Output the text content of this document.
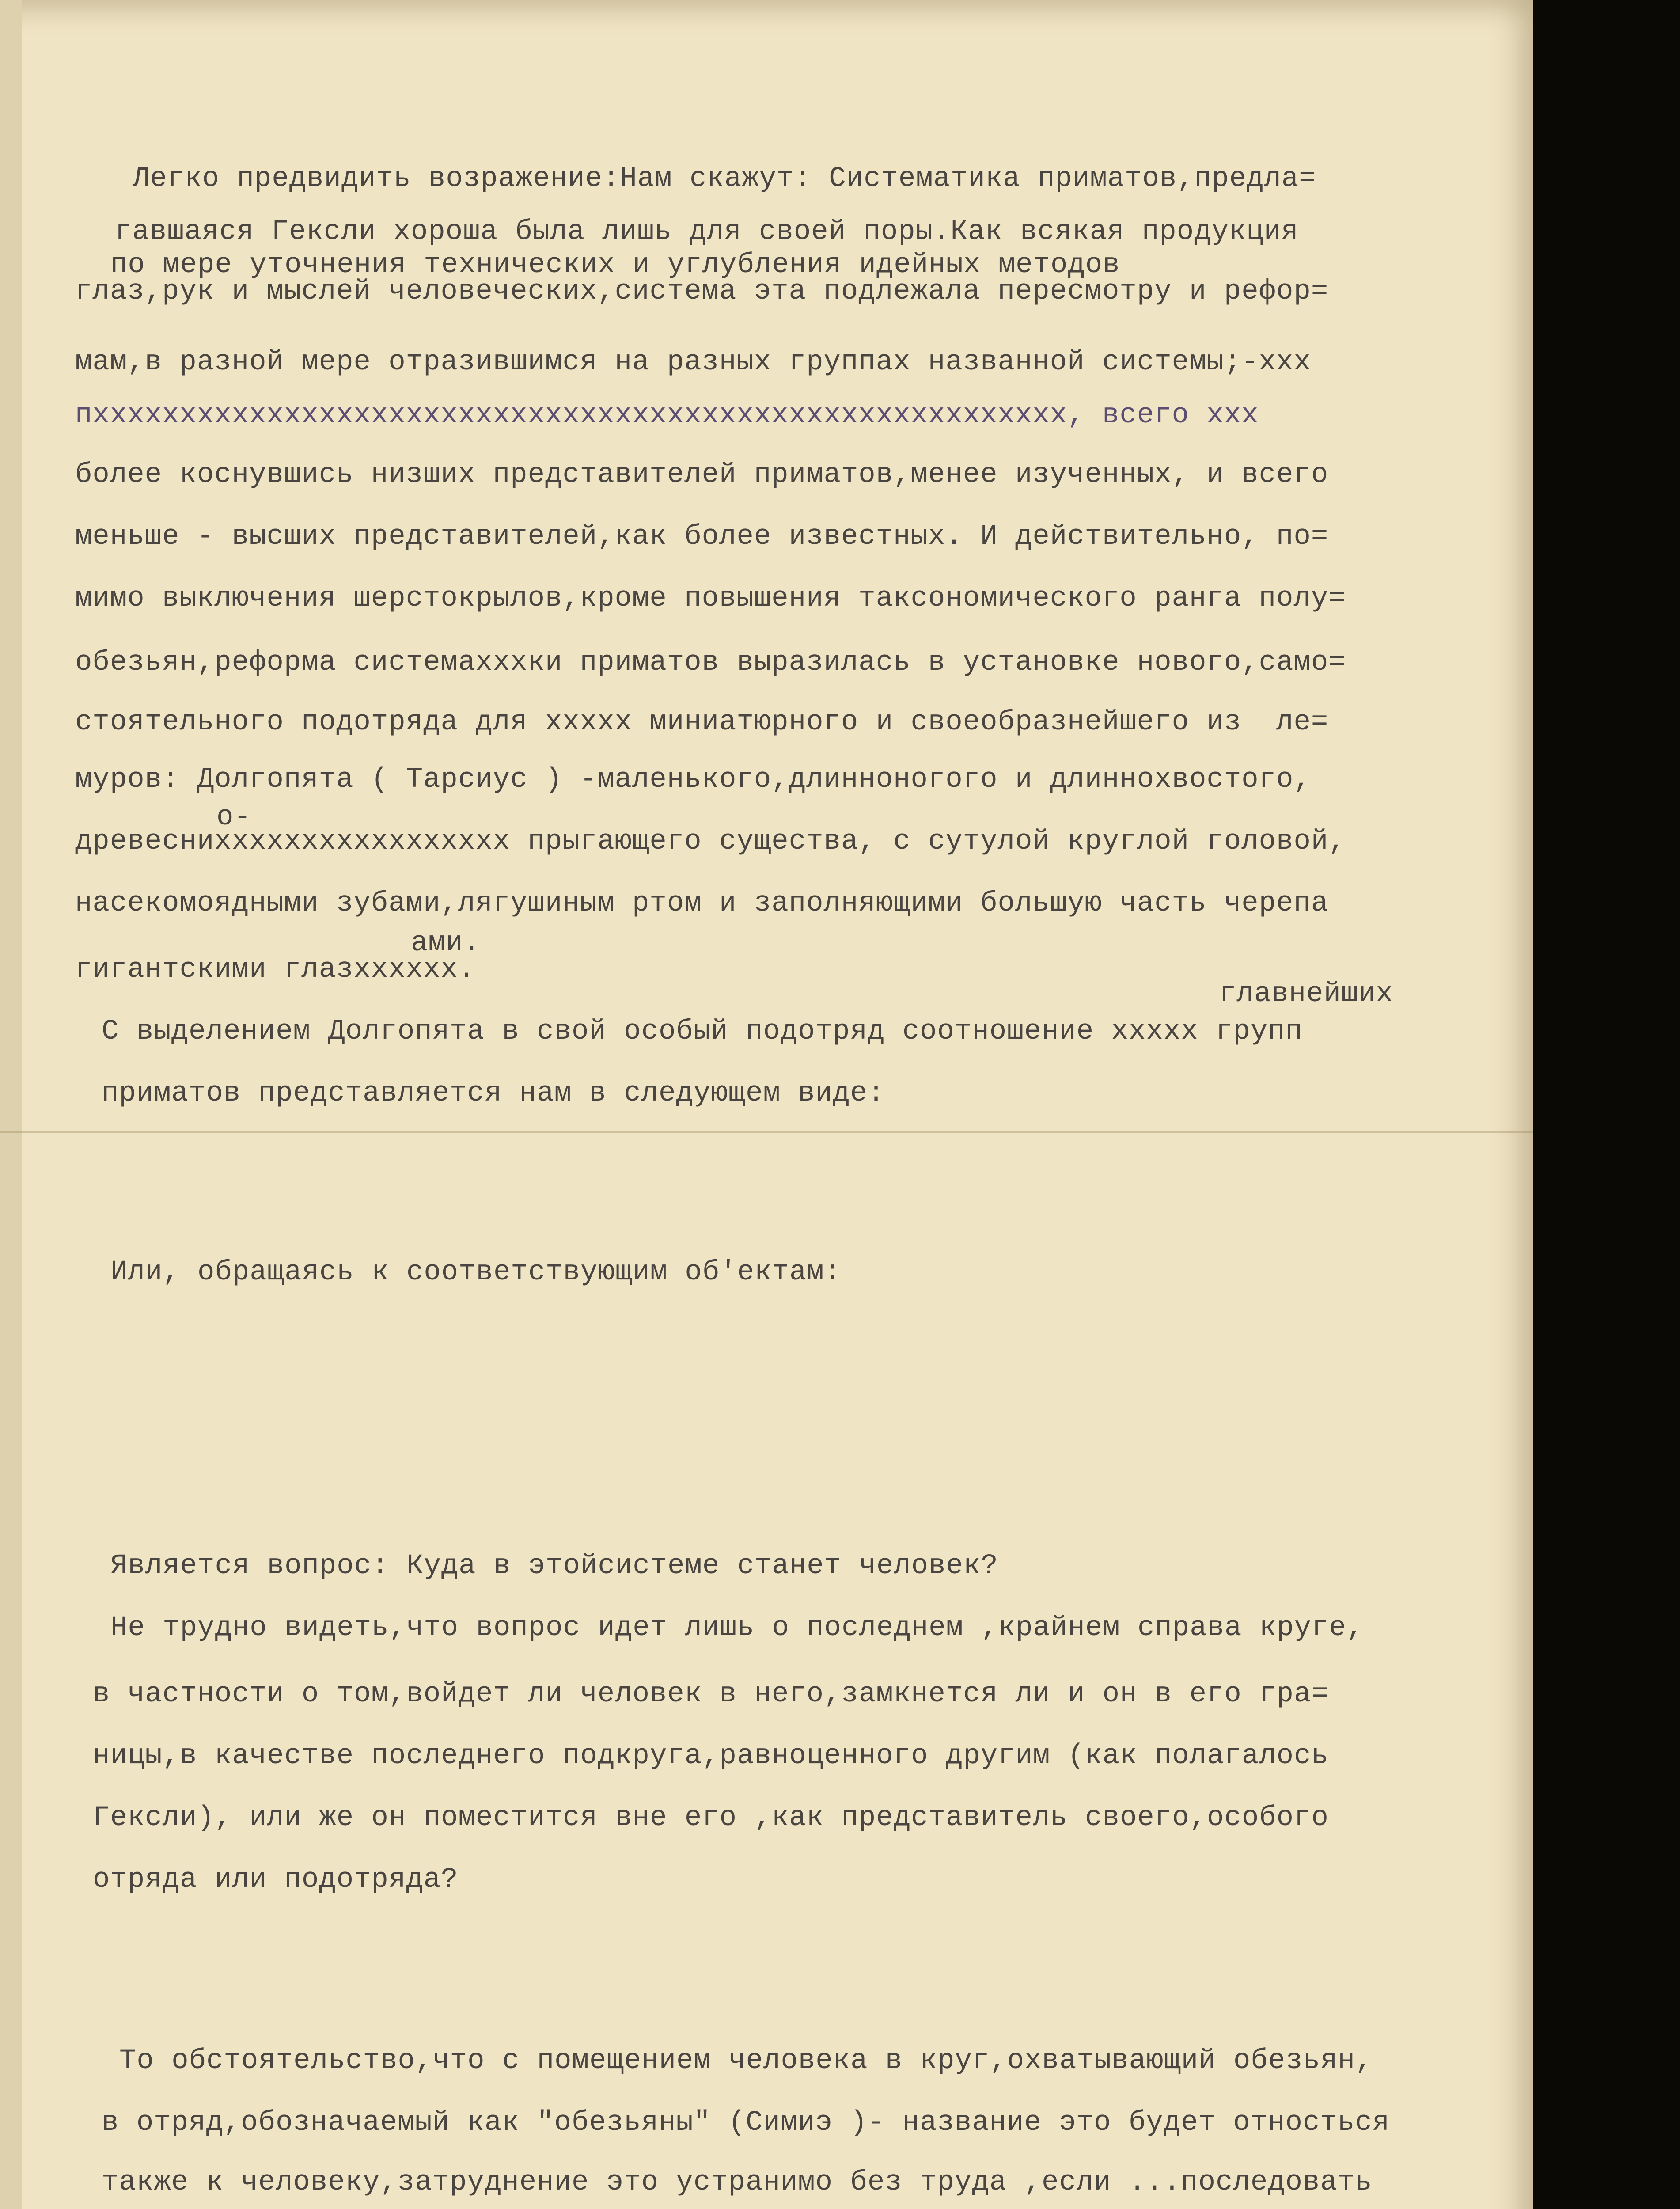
Легко предвидить возражение:Нам скажут: Систематика приматов,предла=
гавшаяся Гексли хороша была лишь для своей поры.Как всякая продукция
по мере уточнения технических и углубления идейных методов
глаз,рук и мыслей человеческих,система эта подлежала пересмотру и рефор=
мам,в разной мере отразившимся на разных группах названной системы;-xxx
пхxxxxxxxxxxxxxxxxxxxxxxxxxxxxxxxxxxxxxxxxxxxxxxxxxxxxxxх, всего xxx
более коснувшись низших представителей приматов,менее изученных, и всего
меньше - высших представителей,как более известных. И действительно, по=
мимо выключения шерстокрылов,кроме повышения таксономического ранга полу=
обезьян,реформа системаxxxки приматов выразилась в установке нового,само=
стоятельного подотряда для xxxxx миниатюрного и своеобразнейшего из  ле=
муров: Долгопята ( Тарсиус ) -маленького,длинноногого и длиннохвостого,
о-
древесниxxxxxxxxxxxxxxxxx прыгающего существа, с сутулой круглой головой,
насекомоядными зубами,лягушиным ртом и заполняющими большую часть черепа
ами.
гигантскими глазxxxxxx.
главнейших
С выделением Долгопята в свой особый подотряд соотношение xxxxx групп
приматов представляется нам в следующем виде:
Или, обращаясь к соответствующим об'ектам:
Является вопрос: Куда в этойсистеме станет человек?
Не трудно видеть,что вопрос идет лишь о последнем ,крайнем справа круге,
в частности о том,войдет ли человек в него,замкнется ли и он в его гра=
ницы,в качестве последнего подкруга,равноценного другим (как полагалось
Гексли), или же он поместится вне его ,как представитель своего,особого
отряда или подотряда?
То обстоятельство,что с помещением человека в круг,охватывающий обезьян,
в отряд,обозначаемый как "обезьяны" (Симиэ )- название это будет относться
также к человеку,затруднение это устранимо без труда ,если ...последовать
